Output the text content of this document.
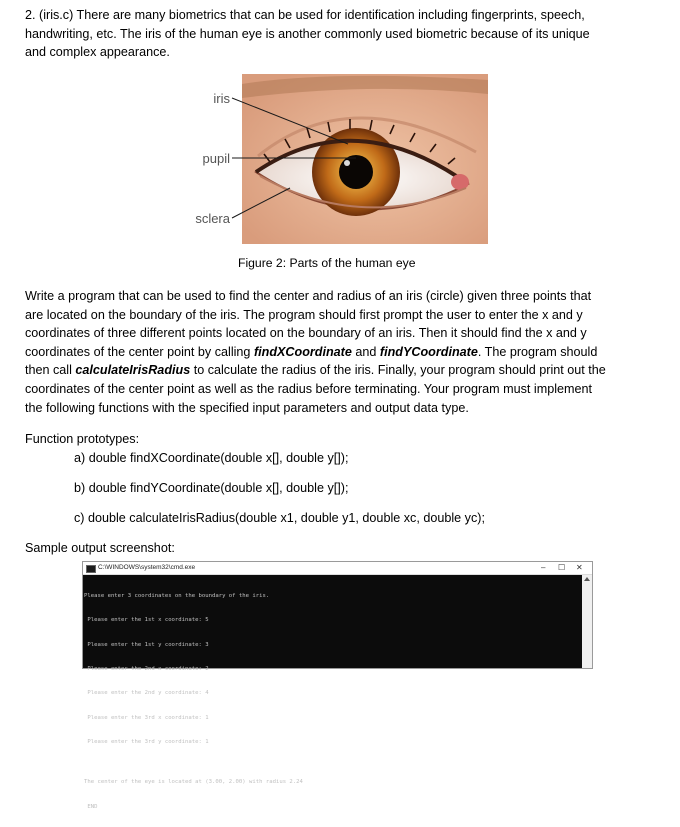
2. (iris.c) There are many biometrics that can be used for identification including fingerprints, speech,
handwriting, etc. The iris of the human eye is another commonly used biometric because of its unique
and complex appearance.

iris
pupil
sclera
Figure 2: Parts of the human eye

Write a program that can be used to find the center and radius of an iris (circle) given three points that
are located on the boundary of the iris. The program should first prompt the user to enter the x and y
coordinates of three different points located on the boundary of an iris. Then it should find the x and y
coordinates of the center point by calling findXCoordinate and findYCoordinate. The program should
then call calculateIrisRadius to calculate the radius of the iris. Finally, your program should print out the
coordinates of the center point as well as the radius before terminating. Your program must implement
the following functions with the specified input parameters and output data type.

Function prototypes:
a) double findXCoordinate(double x[], double y[]);
b) double findYCoordinate(double x[], double y[]);
c) double calculateIrisRadius(double x1, double y1, double xc, double yc);
Sample output screenshot:
C:\WINDOWS\system32\cmd.exe	– ☐ ✕

Please enter 3 coordinates on the boundary of the iris.

Please enter the 1st x coordinate: 5

Please enter the 1st y coordinate: 3

Please enter the 2nd x coordinate: 2

Please enter the 2nd y coordinate: 4

Please enter the 3rd x coordinate: 1

Please enter the 3rd y coordinate: 1

The center of the eye is located at (3.00, 2.00) with radius 2.24

END
